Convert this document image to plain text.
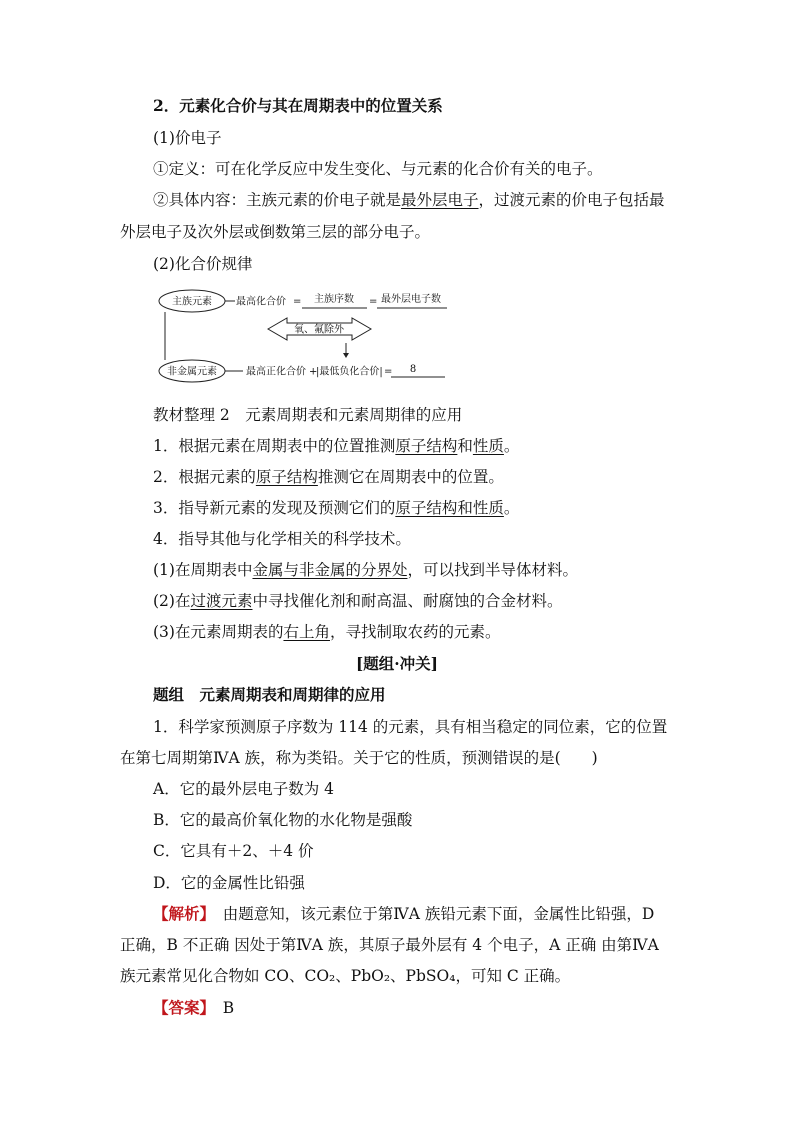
2．元素化合价与其在周期表中的位置关系
(1)价电子
①定义：可在化学反应中发生变化、与元素的化合价有关的电子。
②具体内容：主族元素的价电子就是最外层电子，过渡元素的价电子包括最
外层电子及次外层或倒数第三层的部分电子。
(2)化合价规律
主族元素
非金属元素
最高化合价 = 主族序数 = 最外层电子数
氧、氟除外
最高正化合价 +
|最低负化合价| = 8
教材整理 2　元素周期表和元素周期律的应用
1．根据元素在周期表中的位置推测原子结构和性质。
2．根据元素的原子结构推测它在周期表中的位置。
3．指导新元素的发现及预测它们的原子结构和性质。
4．指导其他与化学相关的科学技术。
(1)在周期表中金属与非金属的分界处，可以找到半导体材料。
(2)在过渡元素中寻找催化剂和耐高温、耐腐蚀的合金材料。
(3)在元素周期表的右上角，寻找制取农药的元素。
[题组·冲关]
题组　元素周期表和周期律的应用
1．科学家预测原子序数为 114 的元素，具有相当稳定的同位素，它的位置
在第七周期第ⅣA 族，称为类铅。关于它的性质，预测错误的是(　　)
A．它的最外层电子数为 4
B．它的最高价氧化物的水化物是强酸
C．它具有＋2、＋4 价
D．它的金属性比铅强
【解析】　由题意知，该元素位于第ⅣA 族铅元素下面，金属性比铅强，D
正确，B 不正确 因处于第ⅣA 族，其原子最外层有 4 个电子，A 正确 由第ⅣA
族元素常见化合物如 CO、CO₂、PbO₂、PbSO₄，可知 C 正确。
【答案】　B
